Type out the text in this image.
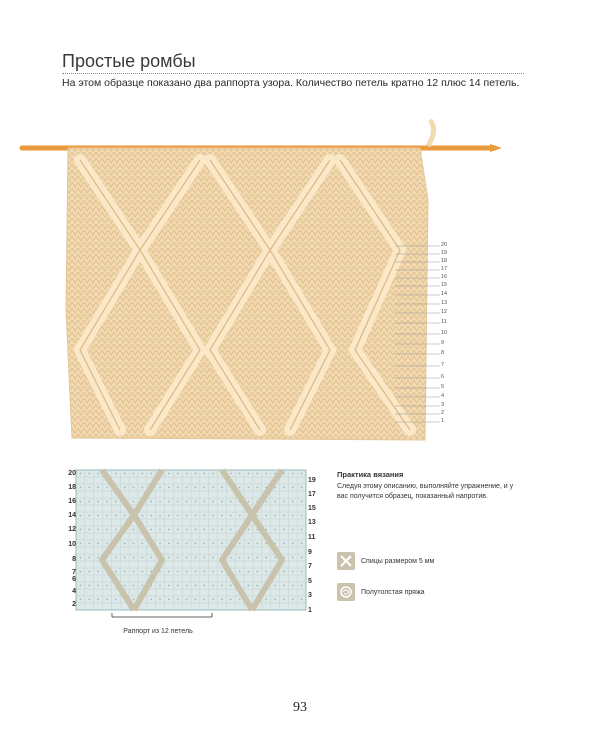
Простые ромбы
На этом образце показано два раппорта узора. Количество петель кратно 12 плюс 14 петель.
20
19
18
17
16
15
14
13
12
11
10
9
8
7
6
5
4
3
2
1
20
18
16
14
12
10
8
7
6
4
2
19
17
15
13
11
9
7
5
3
1
Раппорт из 12 петель
Практика вязания

Следуя этому описанию, выполняйте упражнение, и у вас получится образец, показанный напротив.

Спицы размером 5 мм
Полутолстая пряжа
93
